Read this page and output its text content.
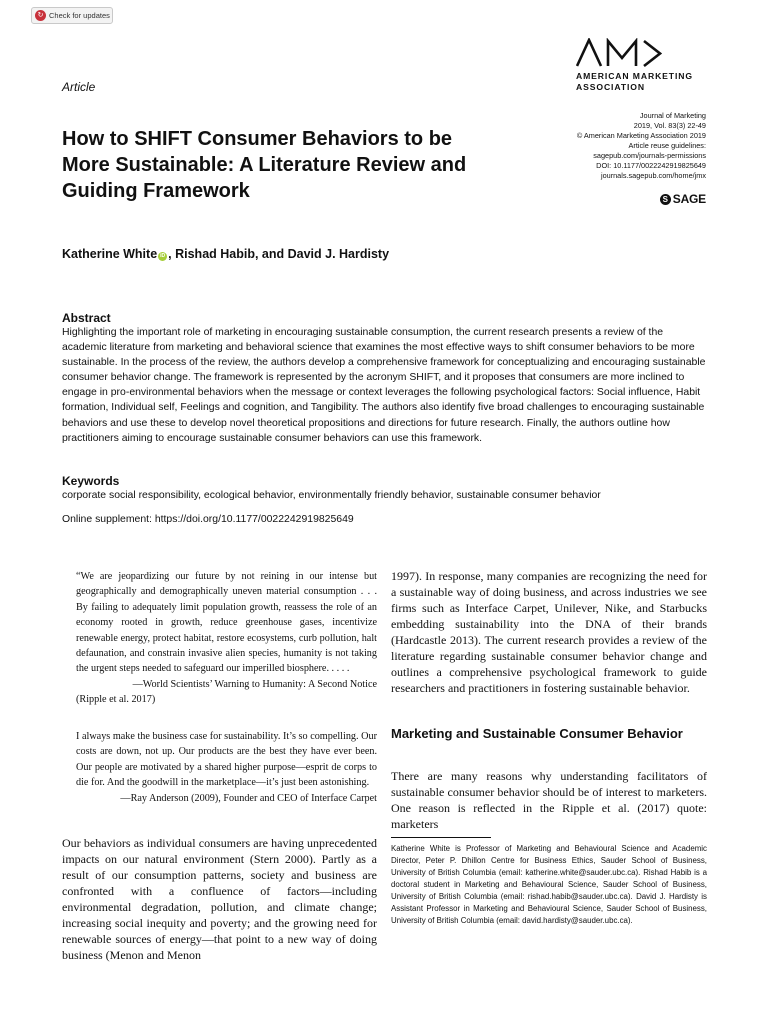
↻ Check for updates
AMERICAN MARKETING
ASSOCIATION
Article
How to SHIFT Consumer Behaviors to be More Sustainable: A Literature Review and Guiding Framework
Journal of Marketing
2019, Vol. 83(3) 22-49
© American Marketing Association 2019
Article reuse guidelines:
sagepub.com/journals-permissions
DOI: 10.1177/0022242919825649
journals.sagepub.com/home/jmx
S SAGE
Katherine White iD , Rishad Habib, and David J. Hardisty
Abstract

Highlighting the important role of marketing in encouraging sustainable consumption, the current research presents a review of the academic literature from marketing and behavioral science that examines the most effective ways to shift consumer behaviors to be more sustainable. In the process of the review, the authors develop a comprehensive framework for conceptualizing and encouraging sustainable consumer behavior change. The framework is represented by the acronym SHIFT, and it proposes that consumers are more inclined to engage in pro-environmental behaviors when the message or context leverages the following psychological factors: Social influence, Habit formation, Individual self, Feelings and cognition, and Tangibility. The authors also identify five broad challenges to encouraging sustainable behaviors and use these to develop novel theoretical propositions and directions for future research. Finally, the authors outline how practitioners aiming to encourage sustainable consumer behaviors can use this framework.

Keywords

corporate social responsibility, ecological behavior, environmentally friendly behavior, sustainable consumer behavior

Online supplement: https://doi.org/10.1177/0022242919825649

“We are jeopardizing our future by not reining in our intense but geographically and demographically uneven material consumption . . . By failing to adequately limit population growth, reassess the role of an economy rooted in growth, reduce greenhouse gases, incentivize renewable energy, protect habitat, restore ecosystems, curb pollution, halt defaunation, and constrain invasive alien species, humanity is not taking the urgent steps needed to safeguard our imperilled biosphere. . . . .

—World Scientists’ Warning to Humanity: A Second Notice

(Ripple et al. 2017)

I always make the business case for sustainability. It’s so compelling. Our costs are down, not up. Our products are the best they have ever been. Our people are motivated by a shared higher purpose—esprit de corps to die for. And the goodwill in the marketplace—it’s just been astonishing.

—Ray Anderson (2009), Founder and CEO of Interface Carpet

Our behaviors as individual consumers are having unprecedented impacts on our natural environment (Stern 2000). Partly as a result of our consumption patterns, society and business are confronted with a confluence of factors—including environmental degradation, pollution, and climate change; increasing social inequity and poverty; and the growing need for renewable sources of energy—that point to a new way of doing business (Menon and Menon

1997). In response, many companies are recognizing the need for a sustainable way of doing business, and across industries we see firms such as Interface Carpet, Unilever, Nike, and Starbucks embedding sustainability into the DNA of their brands (Hardcastle 2013). The current research provides a review of the literature regarding sustainable consumer behavior change and outlines a comprehensive psychological framework to guide researchers and practitioners in fostering sustainable behavior.

Marketing and Sustainable Consumer Behavior

There are many reasons why understanding facilitators of sustainable consumer behavior should be of interest to marketers. One reason is reflected in the Ripple et al. (2017) quote: marketers

Katherine White is Professor of Marketing and Behavioural Science and Academic Director, Peter P. Dhillon Centre for Business Ethics, Sauder School of Business, University of British Columbia (email: katherine.white@sauder.ubc.ca). Rishad Habib is a doctoral student in Marketing and Behavioural Science, Sauder School of Business, University of British Columbia (email: rishad.habib@sauder.ubc.ca). David J. Hardisty is Assistant Professor in Marketing and Behavioural Science, Sauder School of Business, University of British Columbia (email: david.hardisty@sauder.ubc.ca).
